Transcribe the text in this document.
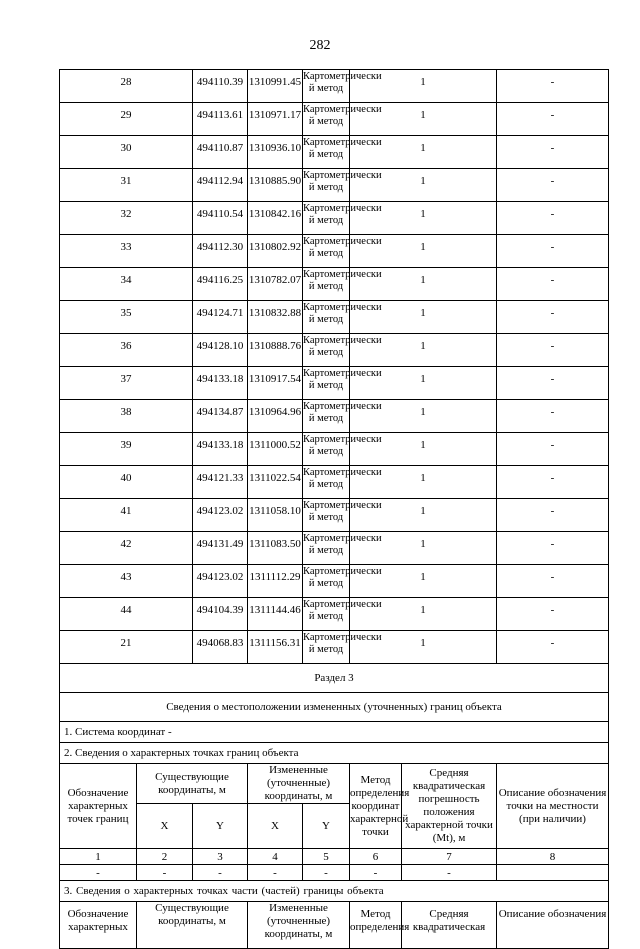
282
28		494110.39	1310991.45	Картометрически й метод	1		-
29		494113.61	1310971.17	Картометрически й метод	1		-
30		494110.87	1310936.10	Картометрически й метод	1		-
31		494112.94	1310885.90	Картометрически й метод	1		-
32		494110.54	1310842.16	Картометрически й метод	1		-
33		494112.30	1310802.92	Картометрически й метод	1		-
34		494116.25	1310782.07	Картометрически й метод	1		-
35		494124.71	1310832.88	Картометрически й метод	1		-
36		494128.10	1310888.76	Картометрически й метод	1		-
37		494133.18	1310917.54	Картометрически й метод	1		-
38		494134.87	1310964.96	Картометрически й метод	1		-
39		494133.18	1311000.52	Картометрически й метод	1		-
40		494121.33	1311022.54	Картометрически й метод	1		-
41		494123.02	1311058.10	Картометрически й метод	1		-
42		494131.49	1311083.50	Картометрически й метод	1		-
43		494123.02	1311112.29	Картометрически й метод	1		-
44		494104.39	1311144.46	Картометрически й метод	1		-
21		494068.83	1311156.31	Картометрически й метод	1		-
Раздел 3							
Сведения о местоположении измененных (уточненных) границ объекта							
1. Система координат -							
2. Сведения о характерных точках границ объекта							
Обозначение характерных точек границ	Существующие координаты, м		Измененные (уточненные) координаты, м		Метод определения координат характерной точки	Средняя квадратическая погрешность положения характерной точки (Mt), м	Описание обозначения точки на местности (при наличии)
	X	Y	X	Y			
1	2	3	4	5	6	7	8
-	-	-	-	-	-	-	
3. Сведения о характерных точках части (частей) границы объекта							
Обозначение характерных	Существующие координаты, м		Измененные (уточненные) координаты, м		Метод определения	Средняя квадратическая	Описание обозначения
